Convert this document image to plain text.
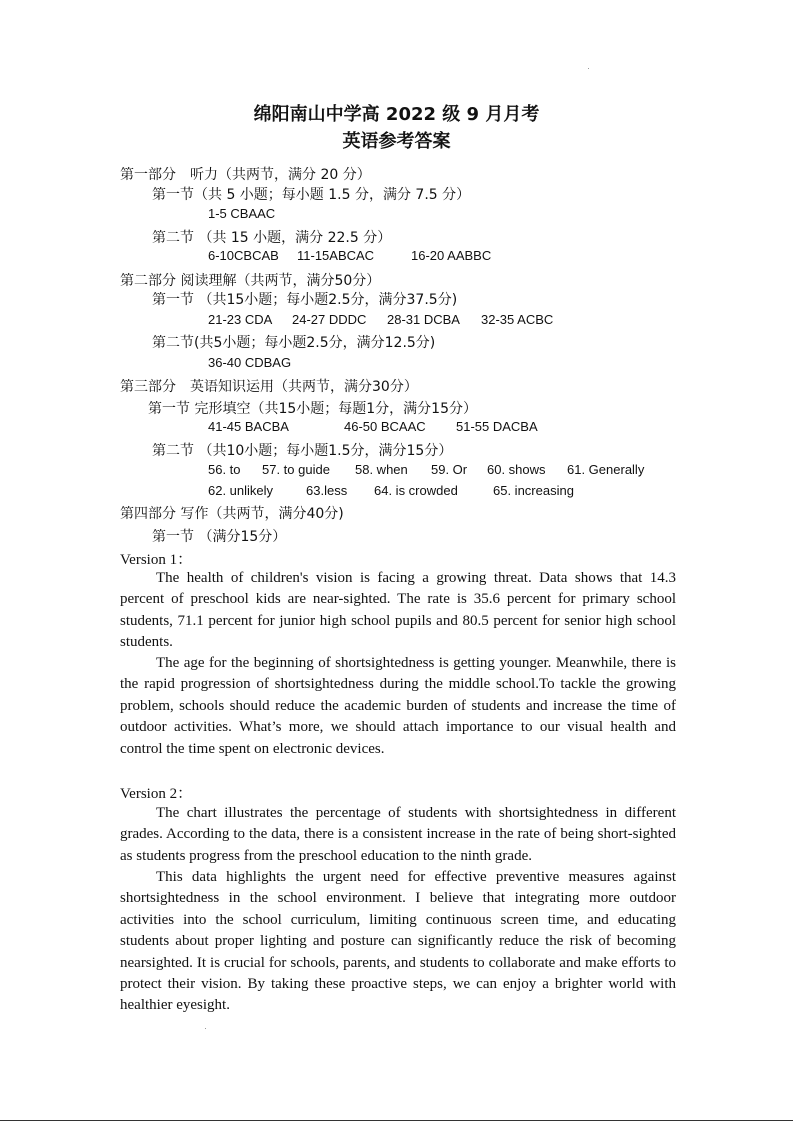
绵阳南山中学高 2022 级 9 月月考
英语参考答案
第一部分　听力（共两节，满分 20 分）
第一节（共 5 小题；每小题 1.5 分，满分 7.5 分）
1-5 CBAAC
第二节 （共 15 小题，满分 22.5 分）
6-10CBCAB 11-15ABCAC	16-20 AABBC
第二部分 阅读理解（共两节，满分50分）
第一节 （共15小题；每小题2.5分，满分37.5分)
21-23 CDA 24-27 DDDC 28-31 DCBA 32-35 ACBC
第二节(共5小题；每小题2.5分，满分12.5分)
36-40 CDBAG
第三部分　英语知识运用（共两节，满分30分）
第一节 完形填空（共15小题；每题1分，满分15分）
41-45 BACBA	46-50 BCAAC 51-55 DACBA
第二节 （共10小题；每小题1.5分，满分15分）
56. to 57. to guide 58. when 59. Or 60. shows 61. Generally
62. unlikely	63.less 64. is crowded	65. increasing
第四部分 写作（共两节，满分40分)
第一节 （满分15分）
Version 1：
The health of children's vision is facing a growing threat. Data shows that 14.3 percent of preschool kids are near-sighted. The rate is 35.6 percent for primary school students, 71.1 percent for junior high school pupils and 80.5 percent for senior high school students.
The age for the beginning of shortsightedness is getting younger. Meanwhile, there is the rapid progression of shortsightedness during the middle school.To tackle the growing problem, schools should reduce the academic burden of students and increase the time of outdoor activities. What’s more, we should attach importance to our visual health and control the time spent on electronic devices.
Version 2：
The chart illustrates the percentage of students with shortsightedness in different grades. According to the data, there is a consistent increase in the rate of being short-sighted as students progress from the preschool education to the ninth grade.
This data highlights the urgent need for effective preventive measures against shortsightedness in the school environment. I believe that integrating more outdoor activities into the school curriculum, limiting continuous screen time, and educating students about proper lighting and posture can significantly reduce the risk of becoming nearsighted. It is crucial for schools, parents, and students to collaborate and make efforts to protect their vision. By taking these proactive steps, we can enjoy a brighter world with healthier eyesight.
